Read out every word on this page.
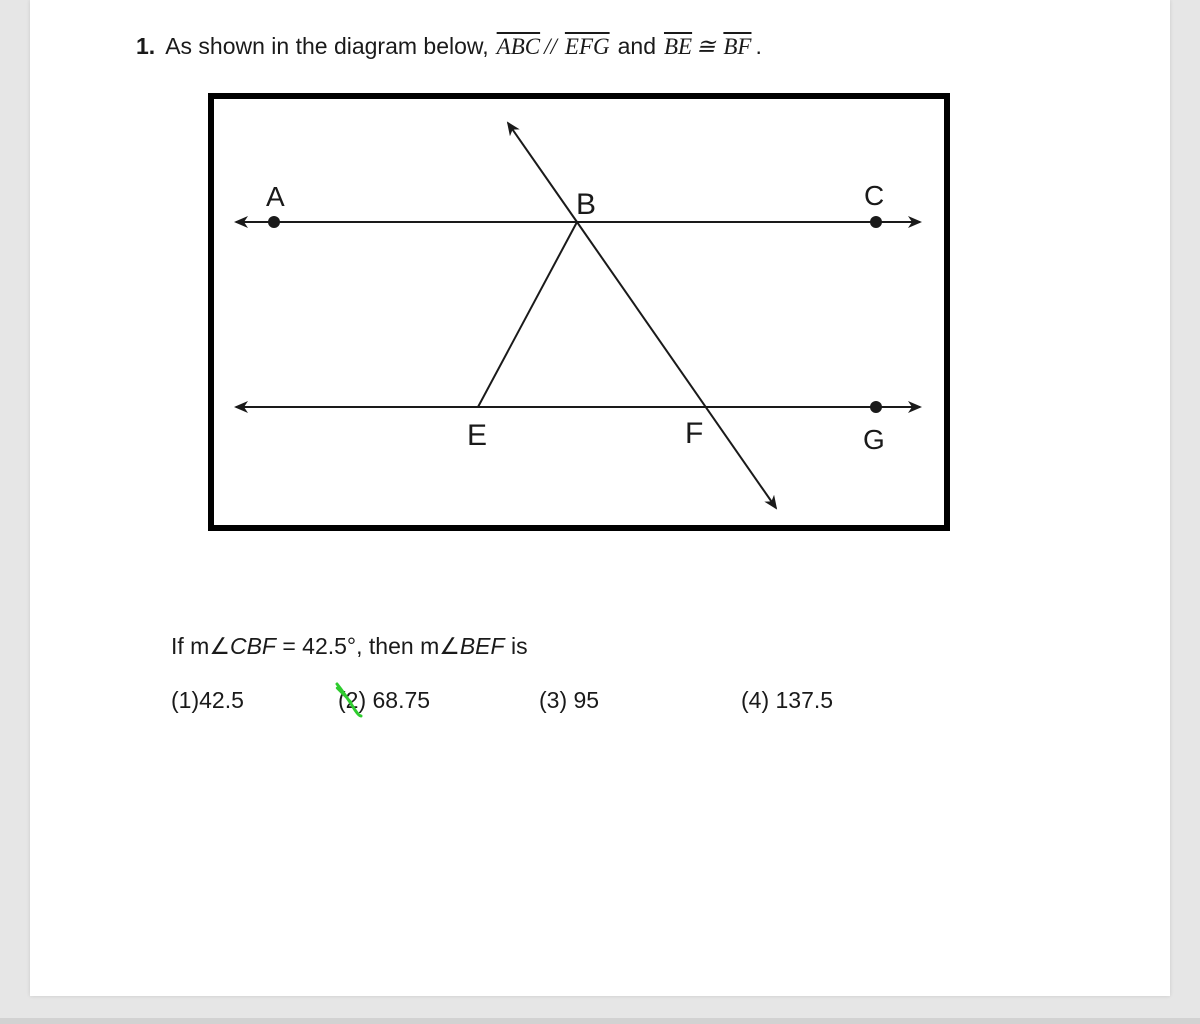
1. As shown in the diagram below, $\overline{ABC} // \overline{EFG}$ and $\overline{BE}$ ≅ $\overline{BF}$ .
A	B	C
E	F	G
If m∠CBF = 42.5°, then m∠BEF is
(1)42.5	(2) 68.75	(3) 95	(4) 137.5
